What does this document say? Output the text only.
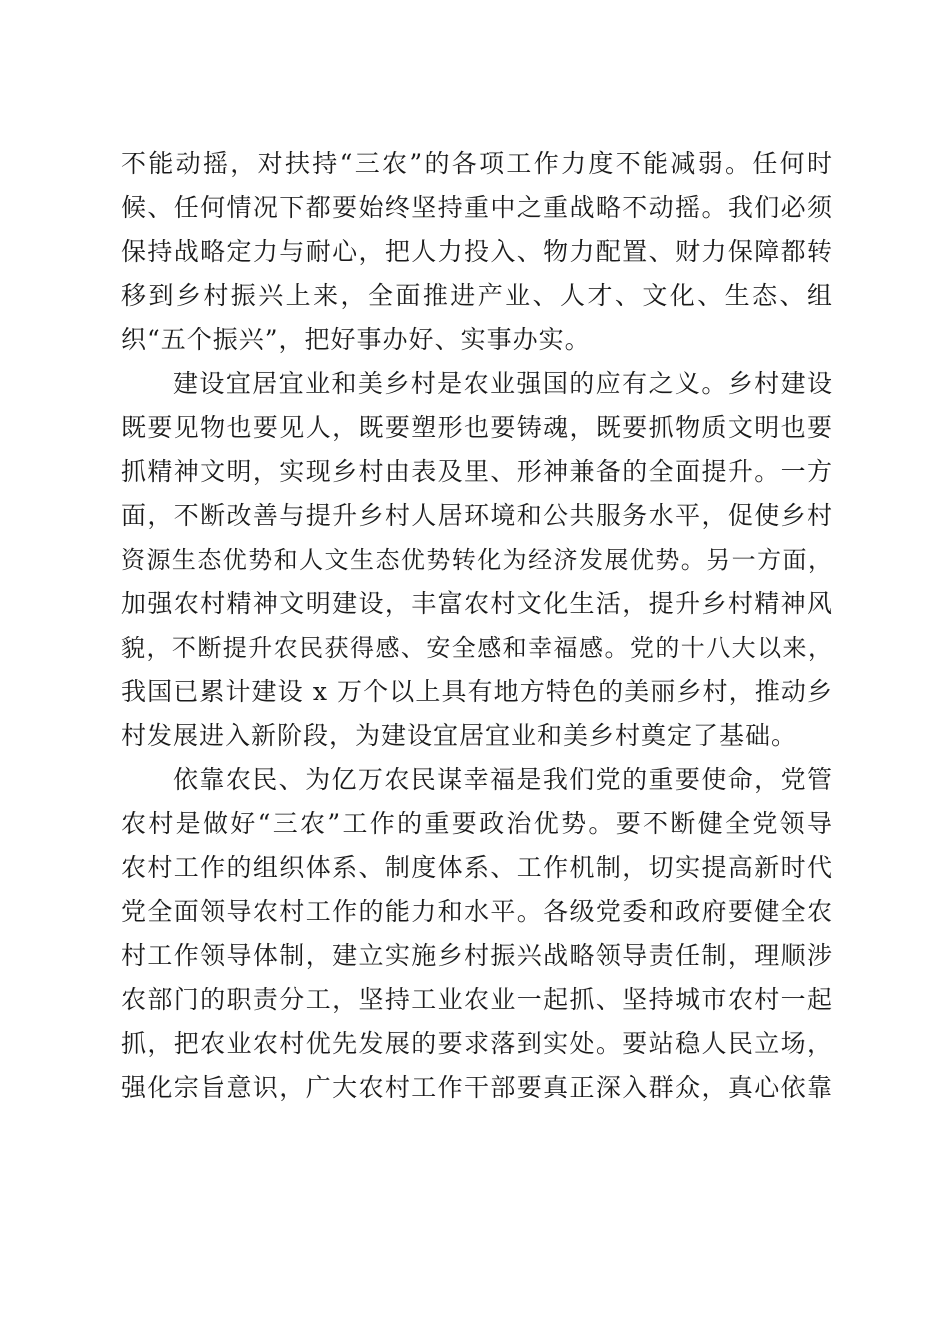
不能动摇，对扶持“三农”的各项工作力度不能减弱。任何时
候、任何情况下都要始终坚持重中之重战略不动摇。我们必须
保持战略定力与耐心，把人力投入、物力配置、财力保障都转
移到乡村振兴上来，全面推进产业、人才、文化、生态、组
织“五个振兴”，把好事办好、实事办实。
建设宜居宜业和美乡村是农业强国的应有之义。乡村建设
既要见物也要见人，既要塑形也要铸魂，既要抓物质文明也要
抓精神文明，实现乡村由表及里、形神兼备的全面提升。一方
面，不断改善与提升乡村人居环境和公共服务水平，促使乡村
资源生态优势和人文生态优势转化为经济发展优势。另一方面，
加强农村精神文明建设，丰富农村文化生活，提升乡村精神风
貌，不断提升农民获得感、安全感和幸福感。党的十八大以来，
我国已累计建设 x 万个以上具有地方特色的美丽乡村，推动乡
村发展进入新阶段，为建设宜居宜业和美乡村奠定了基础。
依靠农民、为亿万农民谋幸福是我们党的重要使命，党管
农村是做好“三农”工作的重要政治优势。要不断健全党领导
农村工作的组织体系、制度体系、工作机制，切实提高新时代
党全面领导农村工作的能力和水平。各级党委和政府要健全农
村工作领导体制，建立实施乡村振兴战略领导责任制，理顺涉
农部门的职责分工，坚持工业农业一起抓、坚持城市农村一起
抓，把农业农村优先发展的要求落到实处。要站稳人民立场，
强化宗旨意识，广大农村工作干部要真正深入群众，真心依靠
